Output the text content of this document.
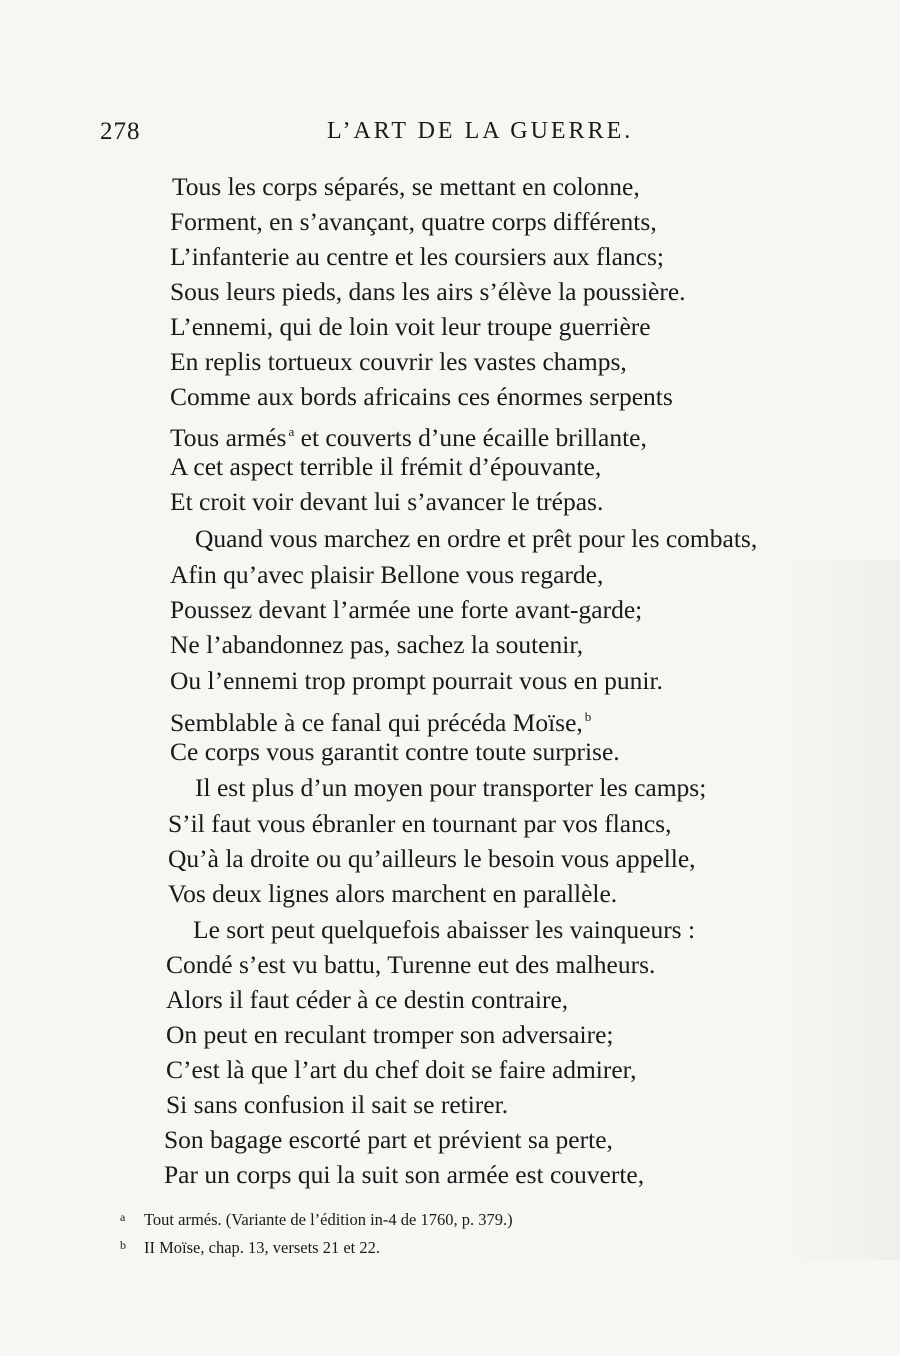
278	L’ART DE LA GUERRE.
Tous les corps séparés, se mettant en colonne,
Forment, en s’avançant, quatre corps différents,
L’infanterie au centre et les coursiers aux flancs;
Sous leurs pieds, dans les airs s’élève la poussière.
L’ennemi, qui de loin voit leur troupe guerrière
En replis tortueux couvrir les vastes champs,
Comme aux bords africains ces énormes serpents
Tous armés $^a$ et couverts d’une écaille brillante,
A cet aspect terrible il frémit d’épouvante,
Et croit voir devant lui s’avancer le trépas.
Quand vous marchez en ordre et prêt pour les combats,
Afin qu’avec plaisir Bellone vous regarde,
Poussez devant l’armée une forte avant-garde;
Ne l’abandonnez pas, sachez la soutenir,
Ou l’ennemi trop prompt pourrait vous en punir.
Semblable à ce fanal qui précéda Moïse, $^b$
Ce corps vous garantit contre toute surprise.
Il est plus d’un moyen pour transporter les camps;
S’il faut vous ébranler en tournant par vos flancs,
Qu’à la droite ou qu’ailleurs le besoin vous appelle,
Vos deux lignes alors marchent en parallèle.
Le sort peut quelquefois abaisser les vainqueurs :
Condé s’est vu battu, Turenne eut des malheurs.
Alors il faut céder à ce destin contraire,
On peut en reculant tromper son adversaire;
C’est là que l’art du chef doit se faire admirer,
Si sans confusion il sait se retirer.
Son bagage escorté part et prévient sa perte,
Par un corps qui la suit son armée est couverte,
a Tout armés. (Variante de l’édition in-4 de 1760, p. 379.)
b II Moïse, chap. 13, versets 21 et 22.
